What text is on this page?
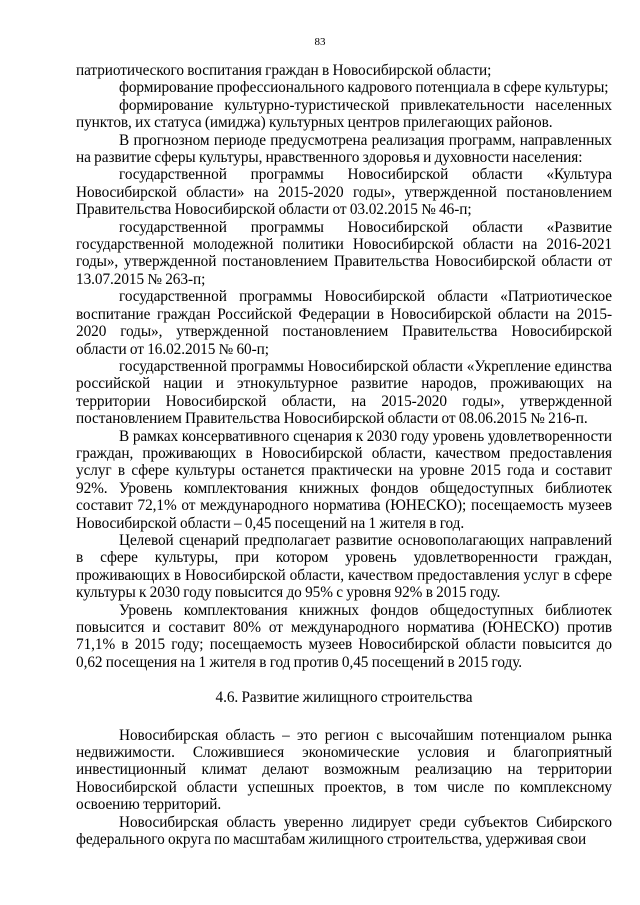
83

патриотического воспитания граждан в Новосибирской области;

формирование профессионального кадрового потенциала в сфере культуры;

формирование культурно-туристической привлекательности населенных пунктов, их статуса (имиджа) культурных центров прилегающих районов.

В прогнозном периоде предусмотрена реализация программ, направленных на развитие сферы культуры, нравственного здоровья и духовности населения:

государственной программы Новосибирской области «Культура Новосибирской области» на 2015-2020 годы», утвержденной постановлением Правительства Новосибирской области от 03.02.2015 № 46-п;

государственной программы Новосибирской области «Развитие государственной молодежной политики Новосибирской области на 2016-2021 годы», утвержденной постановлением Правительства Новосибирской области от 13.07.2015 № 263-п;

государственной программы Новосибирской области «Патриотическое воспитание граждан Российской Федерации в Новосибирской области на 2015-2020 годы», утвержденной постановлением Правительства Новосибирской области от 16.02.2015 № 60-п;

государственной программы Новосибирской области «Укрепление единства российской нации и этнокультурное развитие народов, проживающих на территории Новосибирской области, на 2015-2020 годы», утвержденной постановлением Правительства Новосибирской области от 08.06.2015 № 216-п.

В рамках консервативного сценария к 2030 году уровень удовлетворенности граждан, проживающих в Новосибирской области, качеством предоставления услуг в сфере культуры останется практически на уровне 2015 года и составит 92%. Уровень комплектования книжных фондов общедоступных библиотек составит 72,1% от международного норматива (ЮНЕСКО); посещаемость музеев Новосибирской области – 0,45 посещений на 1 жителя в год.

Целевой сценарий предполагает развитие основополагающих направлений в сфере культуры, при котором уровень удовлетворенности граждан, проживающих в Новосибирской области, качеством предоставления услуг в сфере культуры к 2030 году повысится до 95% с уровня 92% в 2015 году.

Уровень комплектования книжных фондов общедоступных библиотек повысится и составит 80% от международного норматива (ЮНЕСКО) против 71,1% в 2015 году; посещаемость музеев Новосибирской области повысится до 0,62 посещения на 1 жителя в год против 0,45 посещений в 2015 году.

4.6. Развитие жилищного строительства

Новосибирская область – это регион с высочайшим потенциалом рынка недвижимости. Сложившиеся экономические условия и благоприятный инвестиционный климат делают возможным реализацию на территории Новосибирской области успешных проектов, в том числе по комплексному освоению территорий.

Новосибирская область уверенно лидирует среди субъектов Сибирского федерального округа по масштабам жилищного строительства, удерживая свои
